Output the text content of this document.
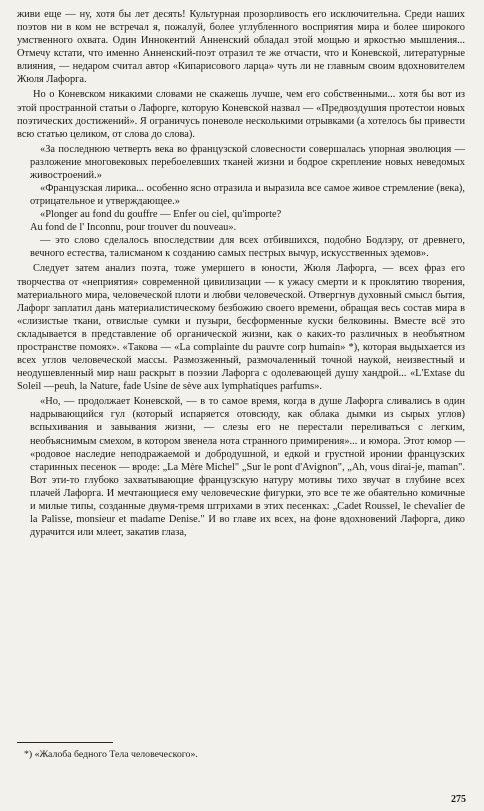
живи еще — ну, хотя бы лет десять! Культурная прозорливость его исключительна. Среди наших поэтов ни в ком не встречал я, пожалуй, более углубленного восприятия мира и более широкого умственного охвата. Один Иннокентий Анненский обладал этой мощью и яркостью мышления... Отмечу кстати, что именно Анненский-поэт отразил те же отчасти, что и Коневской, литературные влияния, — недаром считал автор «Кипарисового ларца» чуть ли не главным своим вдохновителем Жюля Лафорга.

Но о Коневском никакими словами не скажешь лучше, чем его собственными... хотя бы вот из этой пространной статьи о Лафорге, которую Коневской назвал — «Предвоздушия протестои новых поэтических достижений». Я ограничусь поневоле несколькими отрывками (а хотелось бы привести всю статью целиком, от слова до слова).

«За последнюю четверть века во французской словесности совершалась упорная эволюция — разложение многовековых перебоелевших тканей жизни и бодрое скрепление новых неведомых живостроений.»

«Французская лирика... особенно ясно отразила и выразила все самое живое стремление (века), отрицательное и утверждающее.»

«Plonger au fond du gouffre — Enfer ou ciel, qu'importe?

Au fond de l' Inconnu, pour trouver du nouveau».

— это слово сделалось впоследствии для всех отбившихся, подобно Бодлэру, от древнего, вечного естества, талисманом к созданию самых пестрых вычур, искусственных эдемов».

Следует затем анализ поэта, тоже умершего в юности, Жюля Лафорга, — всех фраз его творчества от «неприятия» современной цивилизации — к ужасу смерти и к проклятию творения, материального мира, человеческой плоти и любви человеческой. Отвергнув духовный смысл бытия, Лафорг заплатил дань материалистическому безбожию своего времени, обращая весь состав мира в «слизистые ткани, отвислые сумки и пузыри, бесформенные куски белковины. Вместе всё это складывается в представление об органической жизни, как о каких-то различных в необъятном пространстве помоях». «Такова — «La complainte du pauvre corp humain» *), которая выдыхается из всех углов человеческой массы. Размозженный, размочаленный точной наукой, неизвестный и неодушевленный мир наш раскрыт в поэзии Лафорга с одолевающей душу хандрой... «L'Extase du Soleil —peuh, la Nature, fade Usine de sève aux lymphatiques parfums».

«Но, — продолжает Коневской, — в то самое время, когда в душе Лафорга сливались в один надрывающийся гул (который испаряется отовсюду, как облака дымки из сырых углов) вспыхивания и завывания жизни, — слезы его не перестали переливаться с легким, необъяснимым смехом, в котором звенела нота странного примирения»... и юмора. Этот юмор — «родовое наследие неподражаемой и добродушной, и едкой и грустной иронии французских старинных песенок — вроде: „La Mère Michel" „Sur le pont d'Avignon", „Ah, vous dirai-je, maman". Вот эти-то глубоко захватывающие французскую натуру мотивы тихо звучат в глубине всех плачей Лафорга. И мечтающиеся ему человеческие фигурки, это все те же обаятельно комичные и милые типы, созданные двумя-тремя штрихами в этих песенках: „Cadet Roussel, le chevalier de la Palisse, monsieur et madame Denise." И во главе их всех, на фоне вдохновений Лафорга, дико дурачится или млеет, закатив глаза,

*) «Жалоба бедного Тела человеческого».
275
